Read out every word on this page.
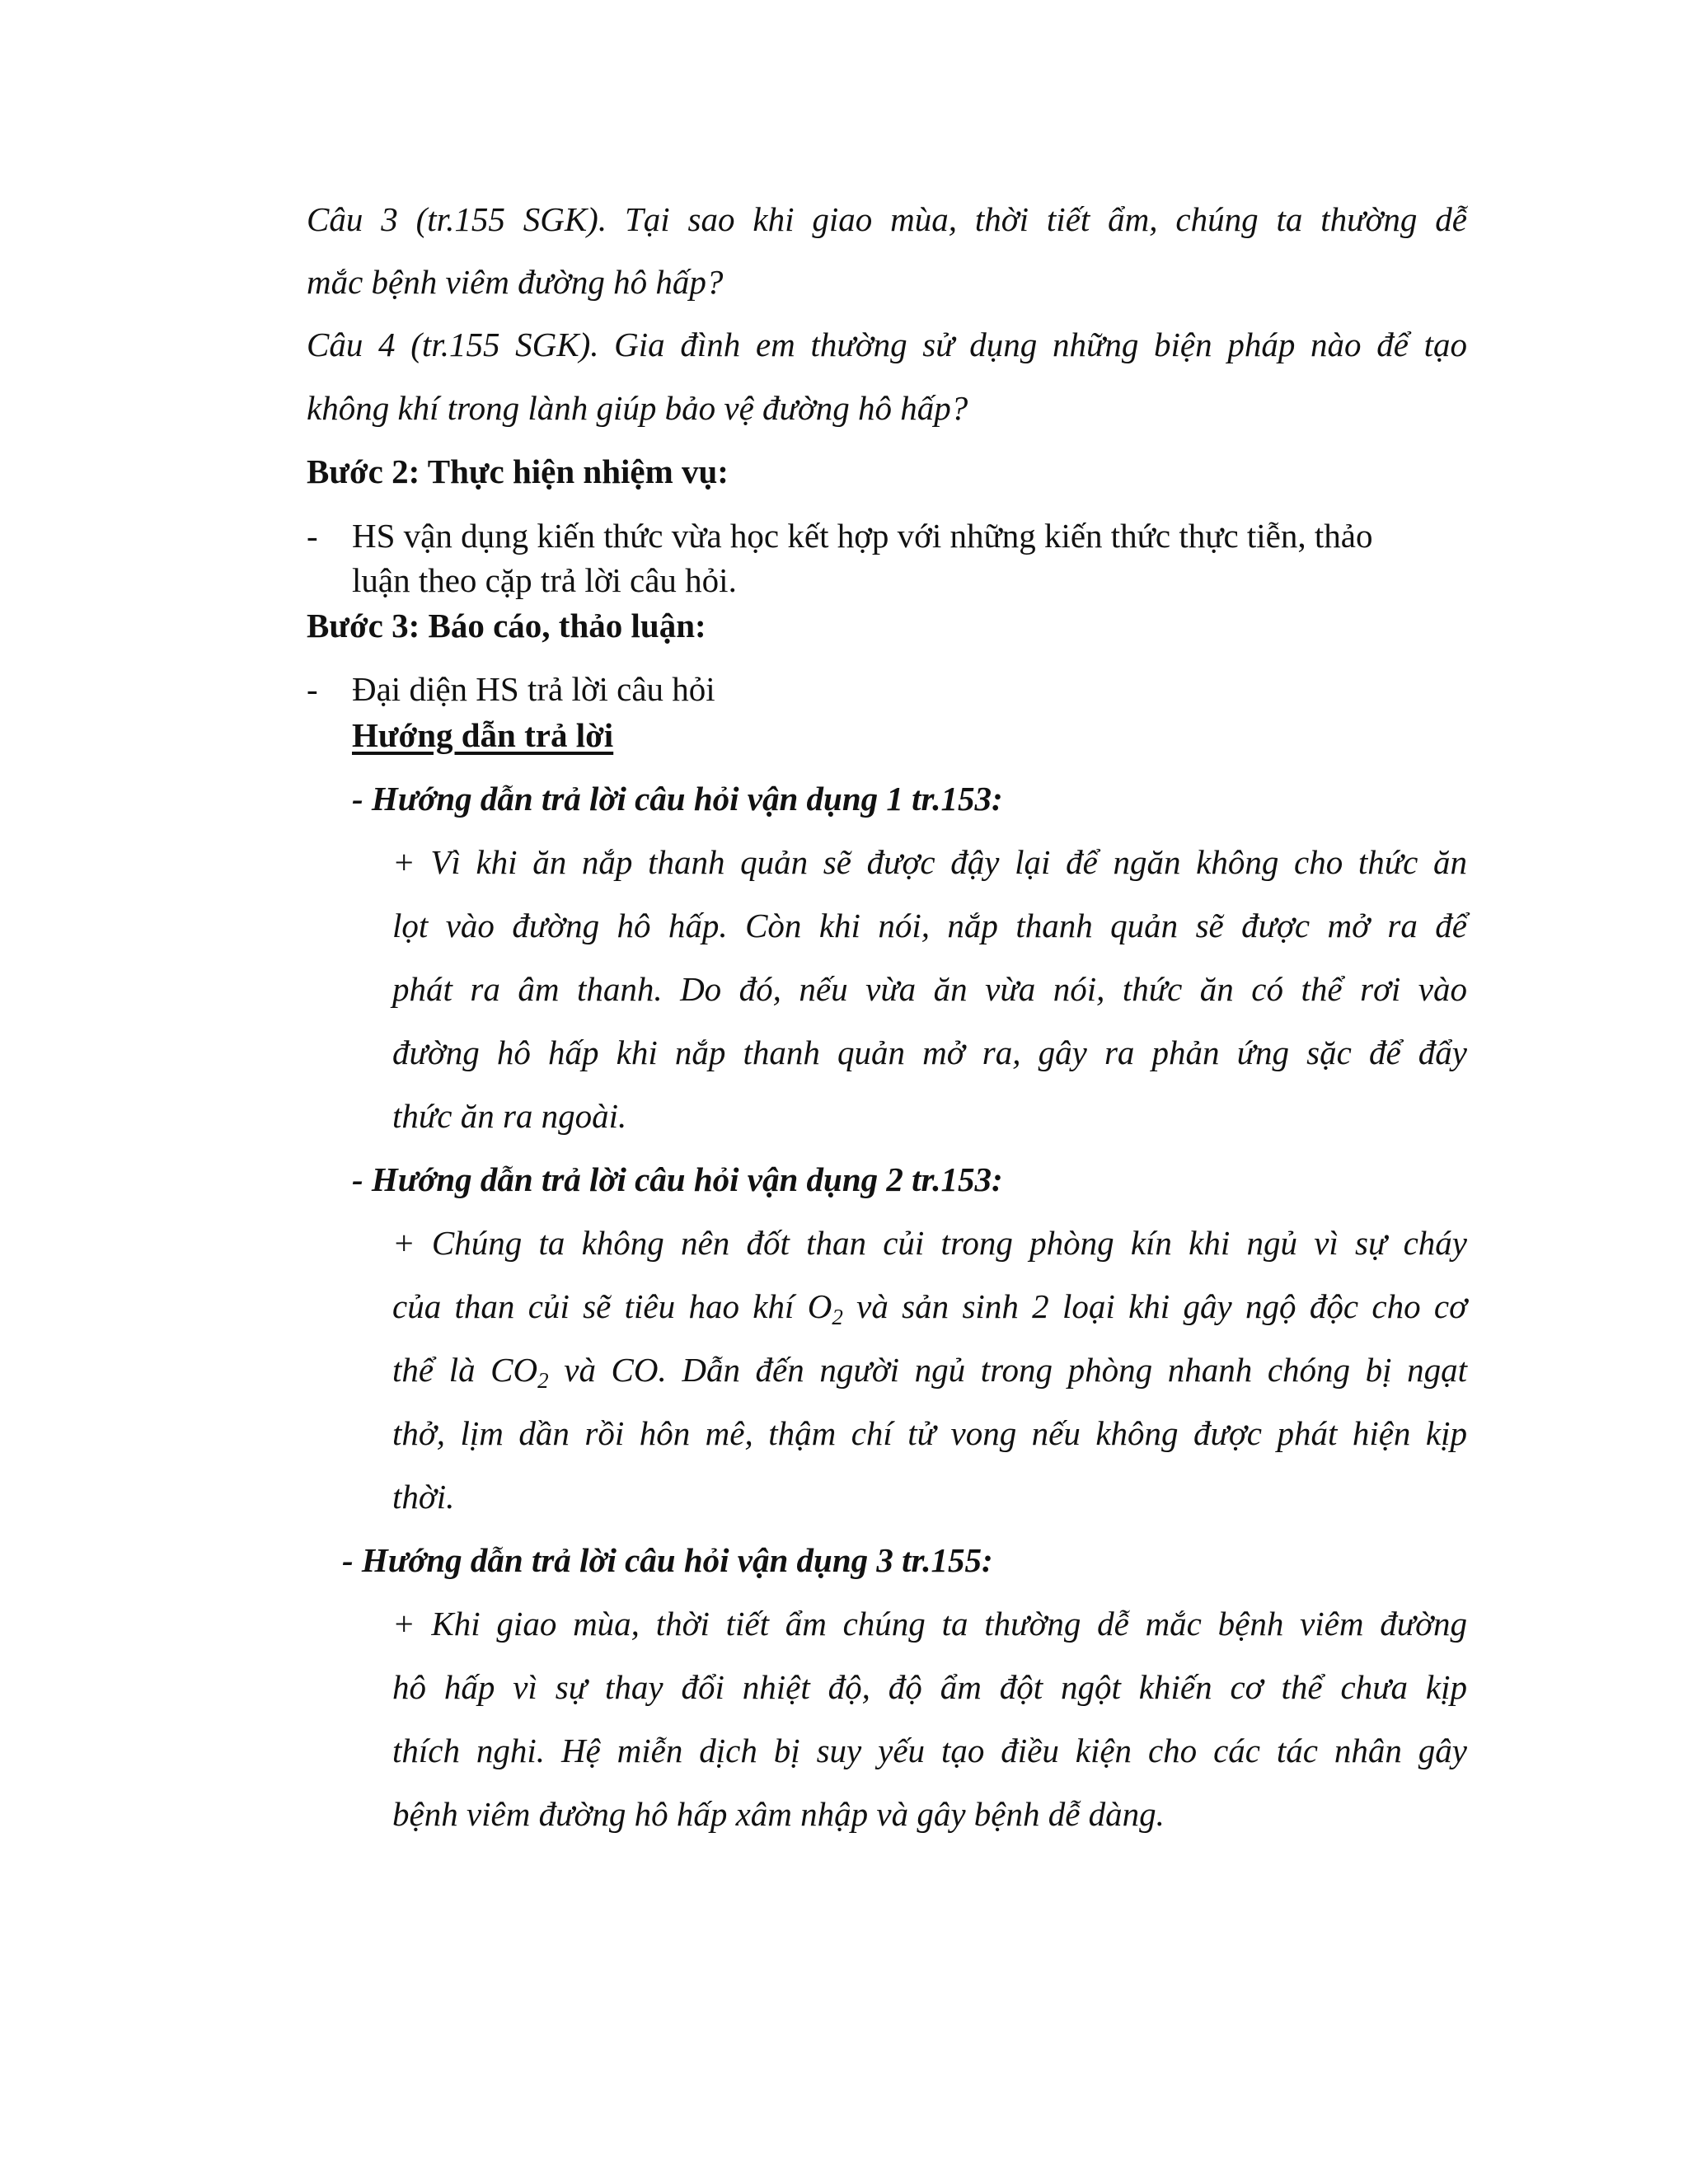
Câu 3 (tr.155 SGK). Tại sao khi giao mùa, thời tiết ẩm, chúng ta thường dễ
mắc bệnh viêm đường hô hấp?
Câu 4 (tr.155 SGK). Gia đình em thường sử dụng những biện pháp nào để tạo
không khí trong lành giúp bảo vệ đường hô hấp?
Bước 2: Thực hiện nhiệm vụ:
- HS vận dụng kiến thức vừa học kết hợp với những kiến thức thực tiễn, thảo
luận theo cặp trả lời câu hỏi.
Bước 3: Báo cáo, thảo luận:
- Đại diện HS trả lời câu hỏi
Hướng dẫn trả lời
- Hướng dẫn trả lời câu hỏi vận dụng 1 tr.153:
+ Vì khi ăn nắp thanh quản sẽ được đậy lại để ngăn không cho thức ăn
lọt vào đường hô hấp. Còn khi nói, nắp thanh quản sẽ được mở ra để
phát ra âm thanh. Do đó, nếu vừa ăn vừa nói, thức ăn có thể rơi vào
đường hô hấp khi nắp thanh quản mở ra, gây ra phản ứng sặc để đẩy
thức ăn ra ngoài.
- Hướng dẫn trả lời câu hỏi vận dụng 2 tr.153:
+ Chúng ta không nên đốt than củi trong phòng kín khi ngủ vì sự cháy
của than củi sẽ tiêu hao khí $O_2$ và sản sinh 2 loại khi gây ngộ độc cho cơ
thể là $CO_2$ và CO. Dẫn đến người ngủ trong phòng nhanh chóng bị ngạt
thở, lịm dần rồi hôn mê, thậm chí tử vong nếu không được phát hiện kịp
thời.
- Hướng dẫn trả lời câu hỏi vận dụng 3 tr.155:
+ Khi giao mùa, thời tiết ẩm chúng ta thường dễ mắc bệnh viêm đường
hô hấp vì sự thay đổi nhiệt độ, độ ẩm đột ngột khiến cơ thể chưa kịp
thích nghi. Hệ miễn dịch bị suy yếu tạo điều kiện cho các tác nhân gây
bệnh viêm đường hô hấp xâm nhập và gây bệnh dễ dàng.
